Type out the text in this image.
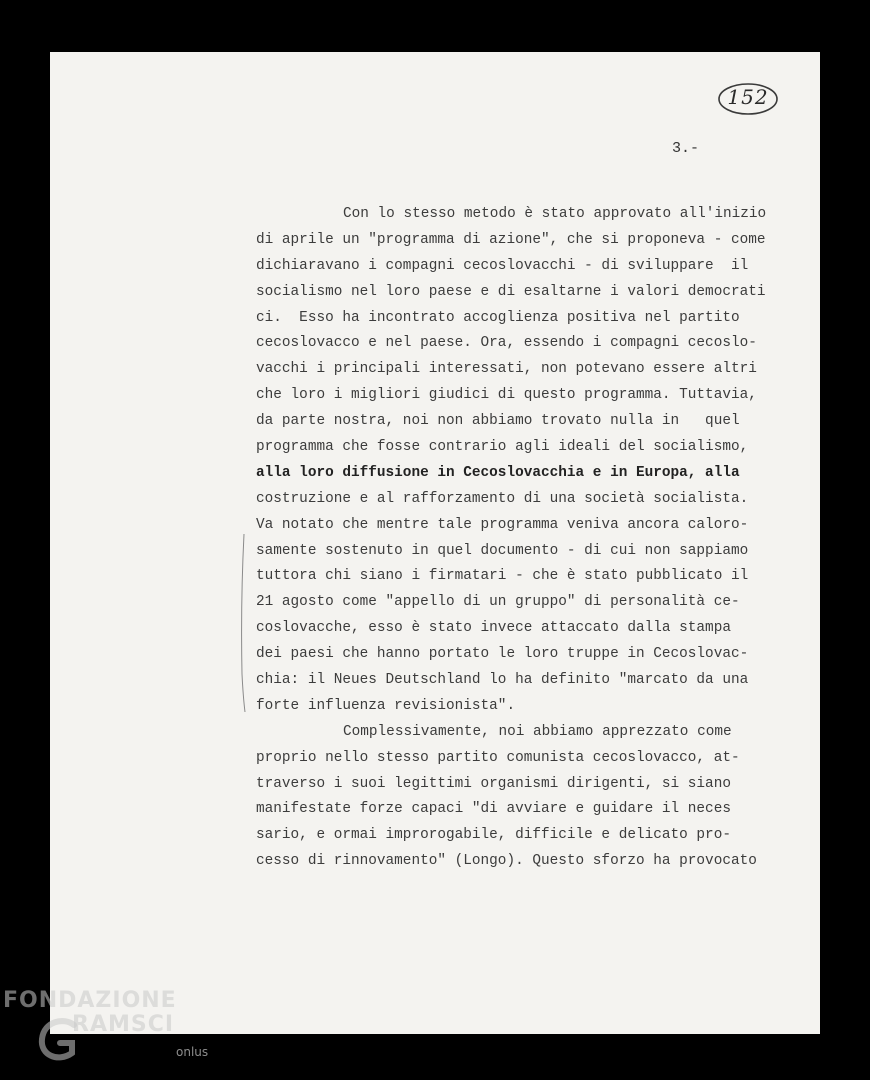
152
3.-
Con lo stesso metodo è stato approvato all'inizio
di aprile un "programma di azione", che si proponeva - come
dichiaravano i compagni cecoslovacchi - di sviluppare  il
socialismo nel loro paese e di esaltarne i valori democrati
ci.  Esso ha incontrato accoglienza positiva nel partito
cecoslovacco e nel paese. Ora, essendo i compagni cecoslo-
vacchi i principali interessati, non potevano essere altri
che loro i migliori giudici di questo programma. Tuttavia,
da parte nostra, noi non abbiamo trovato nulla in   quel
programma che fosse contrario agli ideali del socialismo,
alla loro diffusione in Cecoslovacchia e in Europa, alla
costruzione e al rafforzamento di una società socialista.
Va notato che mentre tale programma veniva ancora caloro-
samente sostenuto in quel documento - di cui non sappiamo
tuttora chi siano i firmatari - che è stato pubblicato il
21 agosto come "appello di un gruppo" di personalità ce-
coslovacche, esso è stato invece attaccato dalla stampa
dei paesi che hanno portato le loro truppe in Cecoslovac-
chia: il Neues Deutschland lo ha definito "marcato da una
forte influenza revisionista".
Complessivamente, noi abbiamo apprezzato come
proprio nello stesso partito comunista cecoslovacco, at-
traverso i suoi legittimi organismi dirigenti, si siano
manifestate forze capaci "di avviare e guidare il neces
sario, e ormai improrogabile, difficile e delicato pro-
cesso di rinnovamento" (Longo). Questo sforzo ha provocato
FONDAZIONE
RAMSCI
onlus
